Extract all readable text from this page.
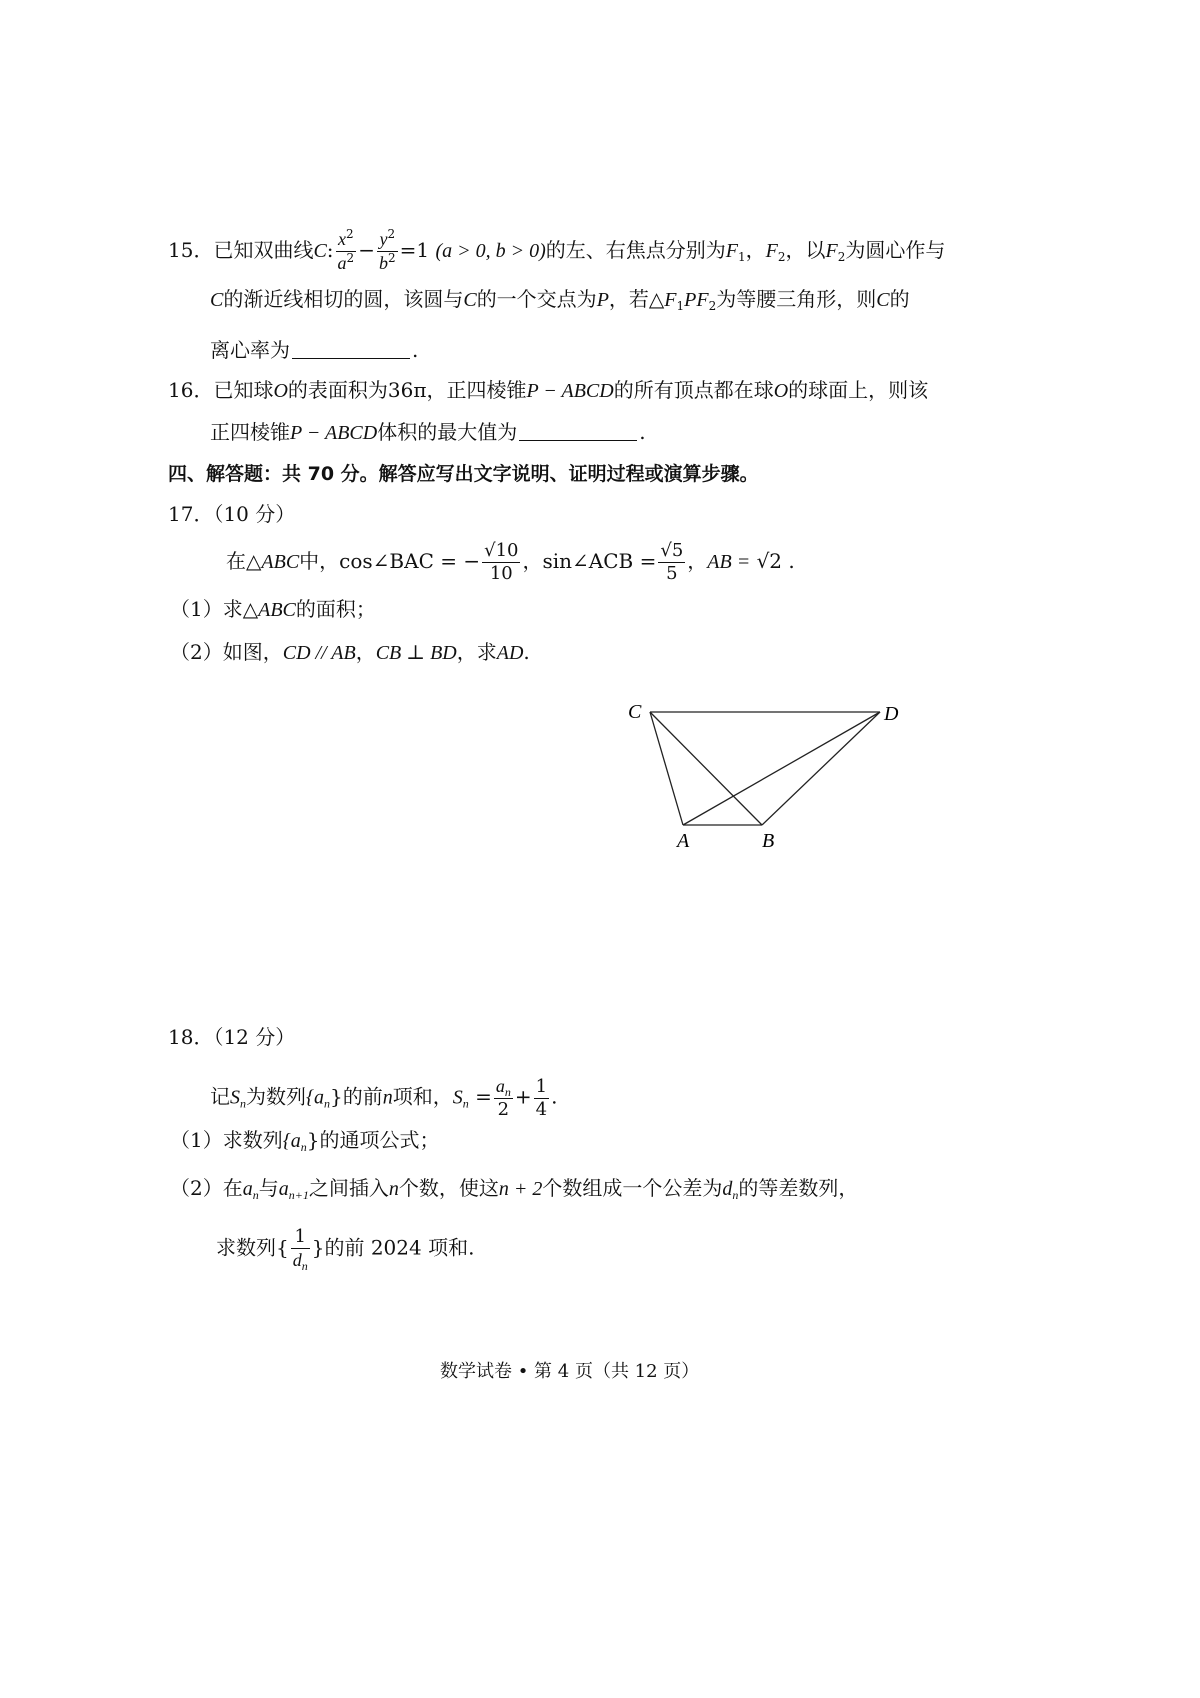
15．已知双曲线C: $\frac{x^2}{a^2} - \frac{y^2}{b^2} =1$ (a > 0, b > 0)的左、右焦点分别为$F_1$，$F_2$，以$F_2$为圆心作与
C的渐近线相切的圆，该圆与C的一个交点为P，若$\triangle F_1PF_2$为等腰三角形，则C的
离心率为	.
16．已知球O的表面积为36π，正四棱锥P − ABCD的所有顶点都在球O的球面上，则该
正四棱锥P − ABCD体积的最大值为	.
四、解答题：共 70 分。解答应写出文字说明、证明过程或演算步骤。
17．（10 分）
在△ABC中，cos∠BAC = − $\frac{√10}{10}$ ，sin∠ACB = $\frac{√5}{5}$ ，AB = √2 .
（1）求△ABC的面积；
（2）如图，CD // AB，CB ⊥ BD，求AD.
C	D
A	B
18．（12 分）
记$S_n$为数列$\{a_n\}$的前n项和，$S_n = \frac{a_n}{2} + \frac{1}{4}$ .
（1）求数列$\{a_n\}$的通项公式；
（2）在$a_n$与$a_{n+1}$之间插入n个数，使这n + 2个数组成一个公差为$d_n$的等差数列，
求数列{ $\frac{1}{d_n}$ }的前 2024 项和.
数学试卷 • 第 4 页（共 12 页）
